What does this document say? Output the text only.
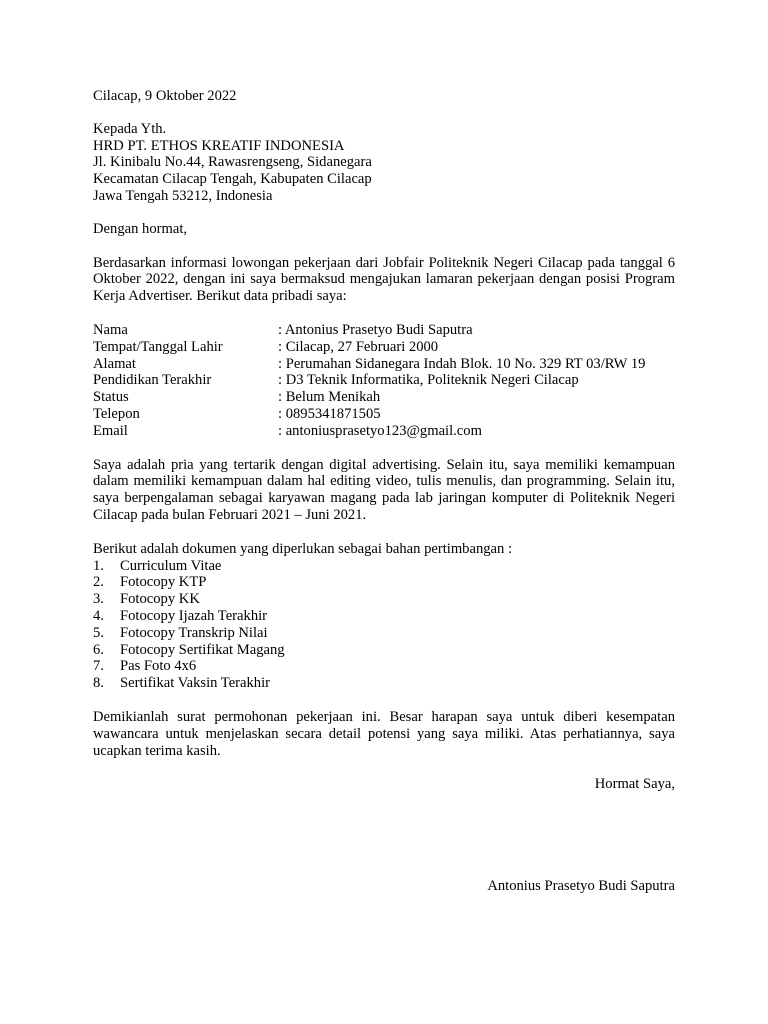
Cilacap, 9 Oktober 2022
Kepada Yth.
HRD PT. ETHOS KREATIF INDONESIA
Jl. Kinibalu No.44, Rawasrengseng, Sidanegara
Kecamatan Cilacap Tengah, Kabupaten Cilacap
Jawa Tengah 53212, Indonesia
Dengan hormat,
Berdasarkan informasi lowongan pekerjaan dari Jobfair Politeknik Negeri Cilacap pada tanggal 6 Oktober 2022, dengan ini saya bermaksud mengajukan lamaran pekerjaan dengan posisi Program Kerja Advertiser. Berikut data pribadi saya:
Nama	: Antonius Prasetyo Budi Saputra
Tempat/Tanggal Lahir	: Cilacap, 27 Februari 2000
Alamat	: Perumahan Sidanegara Indah Blok. 10 No. 329 RT 03/RW 19
Pendidikan Terakhir	: D3 Teknik Informatika, Politeknik Negeri Cilacap
Status	: Belum Menikah
Telepon	: 0895341871505
Email	: antoniusprasetyo123@gmail.com
Saya adalah pria yang tertarik dengan digital advertising. Selain itu, saya memiliki kemampuan dalam memiliki kemampuan dalam hal editing video, tulis menulis, dan programming. Selain itu, saya berpengalaman sebagai karyawan magang pada lab jaringan komputer di Politeknik Negeri Cilacap pada bulan Februari 2021 – Juni 2021.
Berikut adalah dokumen yang diperlukan sebagai bahan pertimbangan :
1.	Curriculum Vitae
2.	Fotocopy KTP
3.	Fotocopy KK
4.	Fotocopy Ijazah Terakhir
5.	Fotocopy Transkrip Nilai
6.	Fotocopy Sertifikat Magang
7.	Pas Foto 4x6
8.	Sertifikat Vaksin Terakhir
Demikianlah surat permohonan pekerjaan ini. Besar harapan saya untuk diberi kesempatan wawancara untuk menjelaskan secara detail potensi yang saya miliki. Atas perhatiannya, saya ucapkan terima kasih.
Hormat Saya,
Antonius Prasetyo Budi Saputra
